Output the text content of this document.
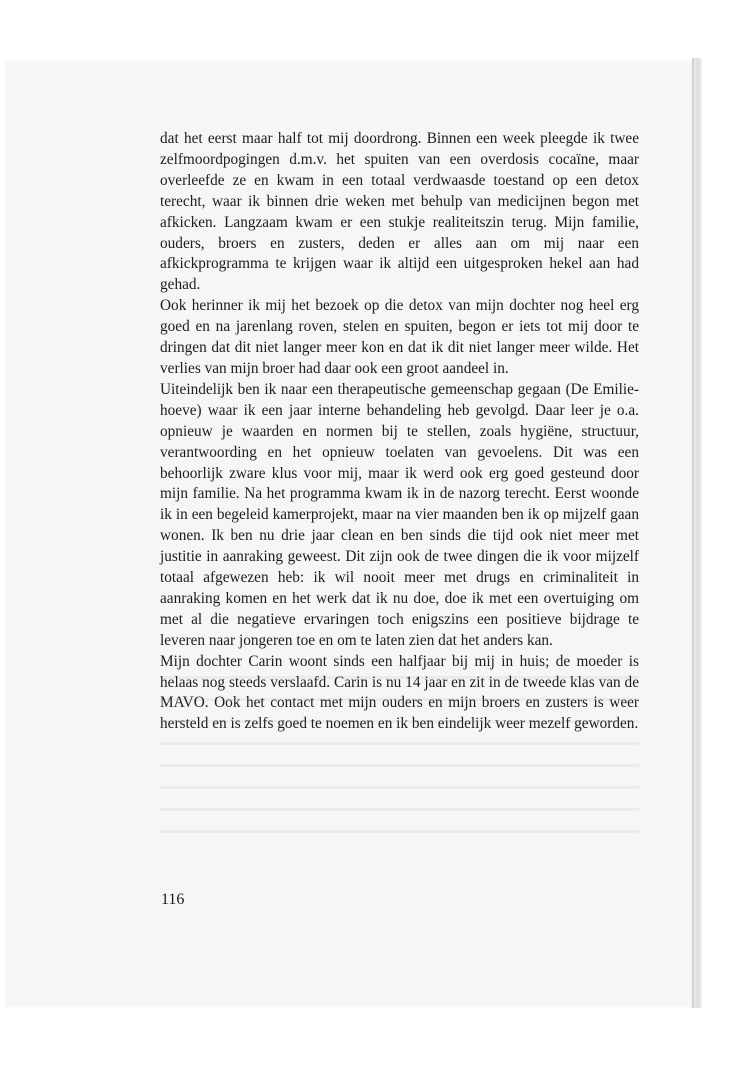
dat het eerst maar half tot mij doordrong. Binnen een week pleegde ik twee zelfmoordpogingen d.m.v. het spuiten van een overdosis cocaïne, maar overleefde ze en kwam in een totaal verdwaasde toestand op een detox terecht, waar ik binnen drie weken met behulp van medicijnen begon met afkicken. Langzaam kwam er een stukje realiteitszin terug. Mijn familie, ouders, broers en zusters, deden er alles aan om mij naar een afkickprogramma te krijgen waar ik altijd een uitgesproken hekel aan had gehad.

Ook herinner ik mij het bezoek op die detox van mijn dochter nog heel erg goed en na jarenlang roven, stelen en spuiten, begon er iets tot mij door te dringen dat dit niet langer meer kon en dat ik dit niet langer meer wilde. Het verlies van mijn broer had daar ook een groot aandeel in.

Uiteindelijk ben ik naar een therapeutische gemeenschap gegaan (De Emilie-hoeve) waar ik een jaar interne behandeling heb gevolgd. Daar leer je o.a. opnieuw je waarden en normen bij te stellen, zoals hygiëne, structuur, verantwoording en het opnieuw toelaten van gevoelens. Dit was een behoorlijk zware klus voor mij, maar ik werd ook erg goed gesteund door mijn familie. Na het programma kwam ik in de nazorg terecht. Eerst woonde ik in een begeleid kamerprojekt, maar na vier maanden ben ik op mijzelf gaan wonen. Ik ben nu drie jaar clean en ben sinds die tijd ook niet meer met justitie in aanraking geweest. Dit zijn ook de twee dingen die ik voor mijzelf totaal afgewezen heb: ik wil nooit meer met drugs en criminaliteit in aanraking komen en het werk dat ik nu doe, doe ik met een overtuiging om met al die negatieve ervaringen toch enigszins een positieve bijdrage te leveren naar jongeren toe en om te laten zien dat het anders kan.

Mijn dochter Carin woont sinds een halfjaar bij mij in huis; de moeder is helaas nog steeds verslaafd. Carin is nu 14 jaar en zit in de tweede klas van de MAVO. Ook het contact met mijn ouders en mijn broers en zusters is weer hersteld en is zelfs goed te noemen en ik ben eindelijk weer mezelf geworden.

116
